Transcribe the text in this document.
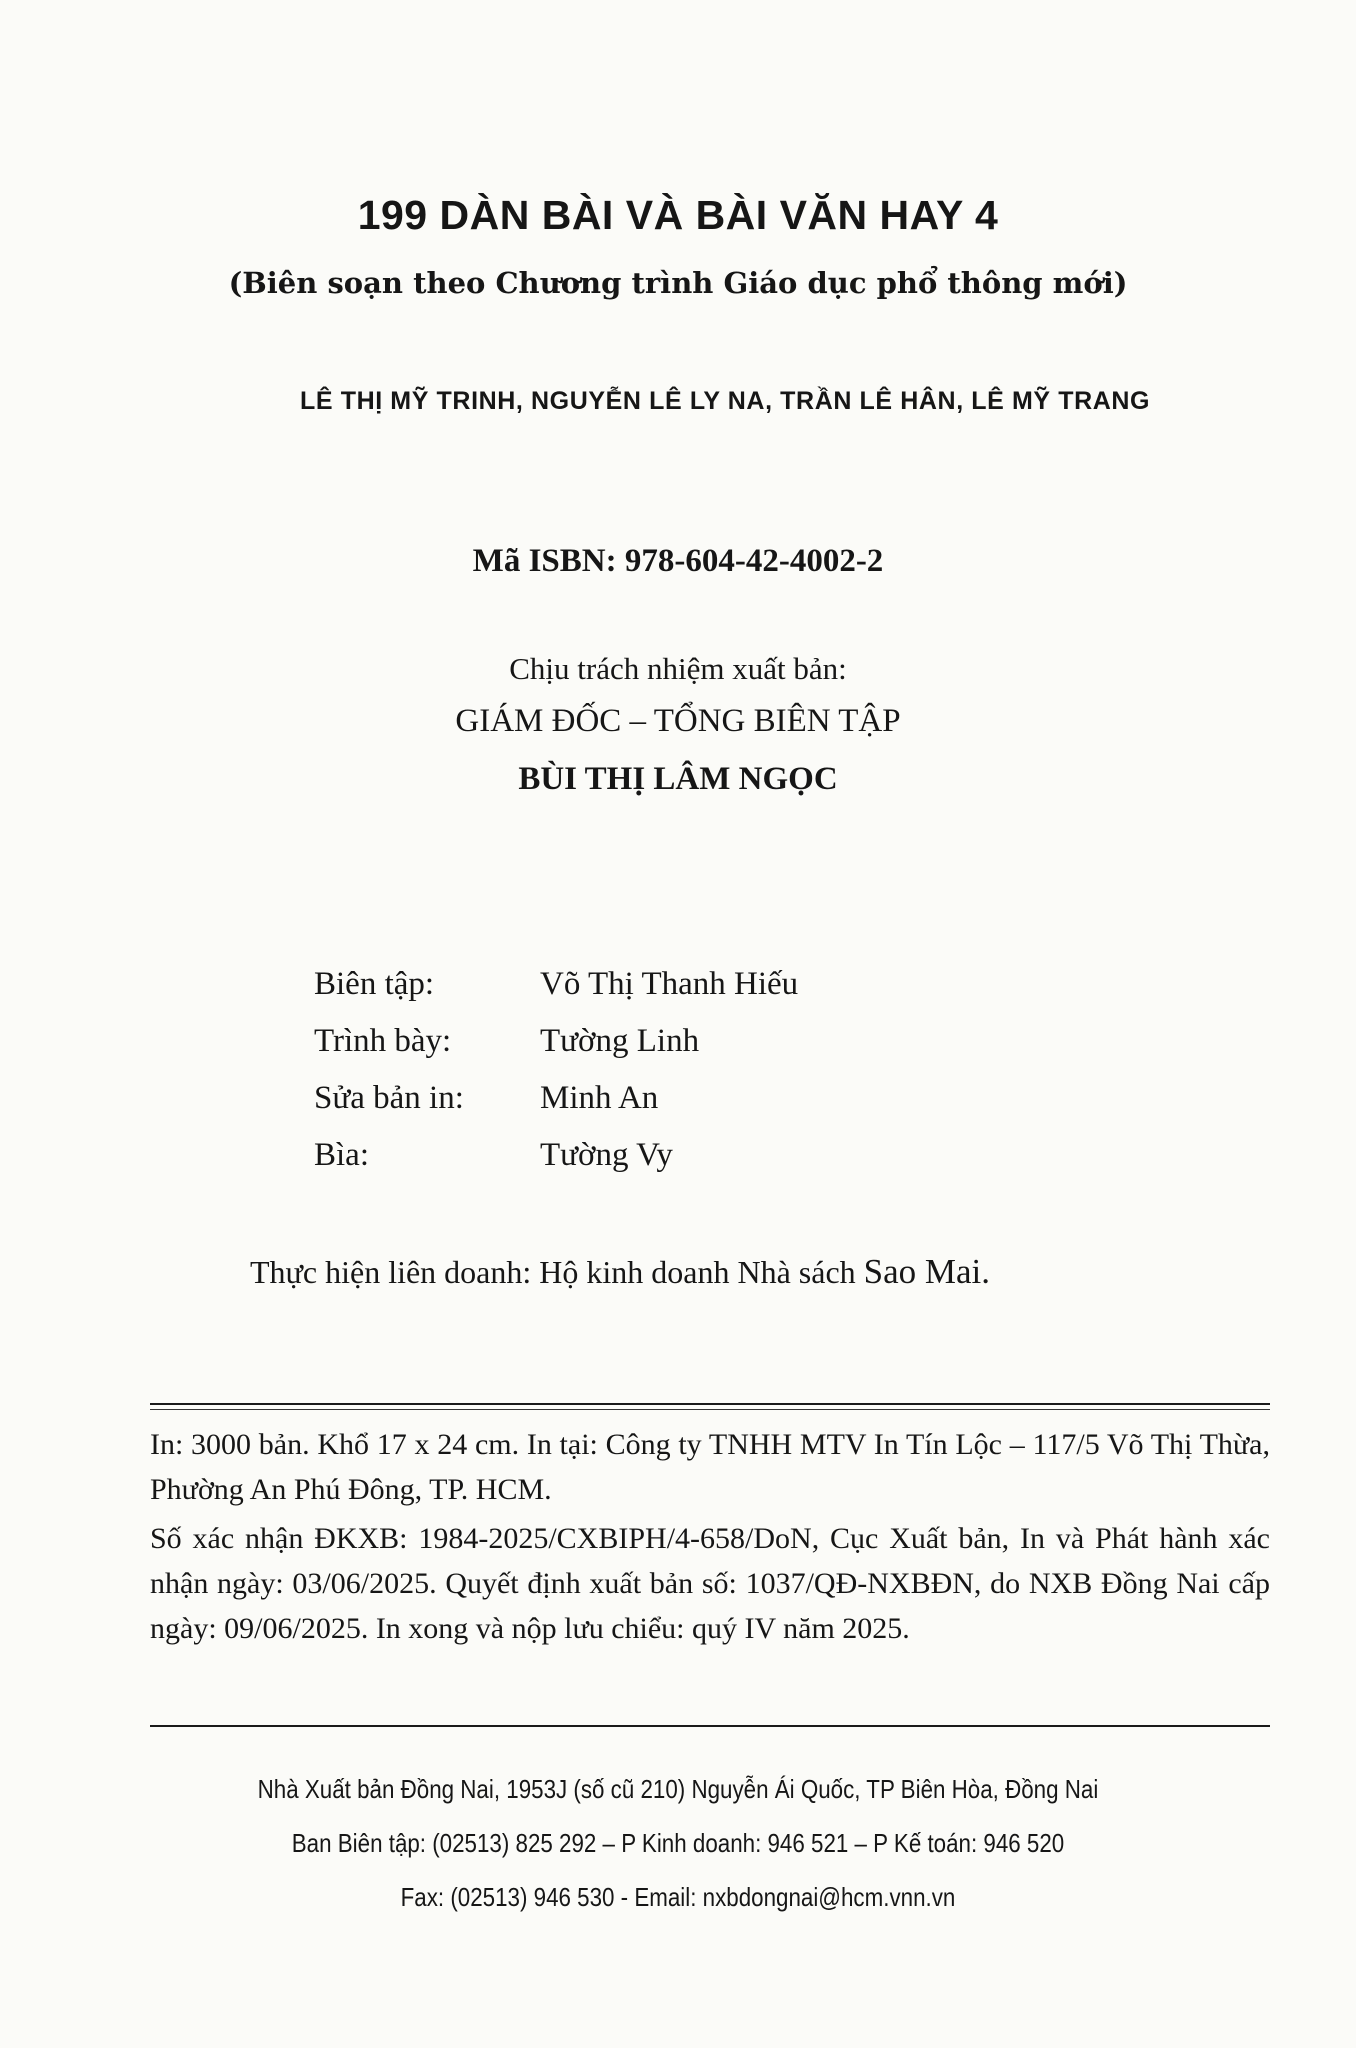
199 DÀN BÀI VÀ BÀI VĂN HAY 4
(Biên soạn theo Chương trình Giáo dục phổ thông mới)
LÊ THỊ MỸ TRINH, NGUYỄN LÊ LY NA, TRẦN LÊ HÂN, LÊ MỸ TRANG
Mã ISBN: 978-604-42-4002-2
Chịu trách nhiệm xuất bản:
GIÁM ĐỐC – TỔNG BIÊN TẬP
BÙI THỊ LÂM NGỌC
Biên tập:	Võ Thị Thanh Hiếu
Trình bày:	Tường Linh
Sửa bản in: Minh An
Bìa:	Tường Vy
Thực hiện liên doanh: Hộ kinh doanh Nhà sách Sao Mai.

In: 3000 bản. Khổ 17 x 24 cm. In tại: Công ty TNHH MTV In Tín Lộc – 117/5 Võ Thị Thừa, Phường An Phú Đông, TP. HCM.

Số xác nhận ĐKXB: 1984-2025/CXBIPH/4-658/DoN, Cục Xuất bản, In và Phát hành xác nhận ngày: 03/06/2025. Quyết định xuất bản số: 1037/QĐ-NXBĐN, do NXB Đồng Nai cấp ngày: 09/06/2025. In xong và nộp lưu chiểu: quý IV năm 2025.

Nhà Xuất bản Đồng Nai, 1953J (số cũ 210) Nguyễn Ái Quốc, TP Biên Hòa, Đồng Nai
Ban Biên tập: (02513) 825 292 – P Kinh doanh: 946 521 – P Kế toán: 946 520
Fax: (02513) 946 530 - Email: nxbdongnai@hcm.vnn.vn
